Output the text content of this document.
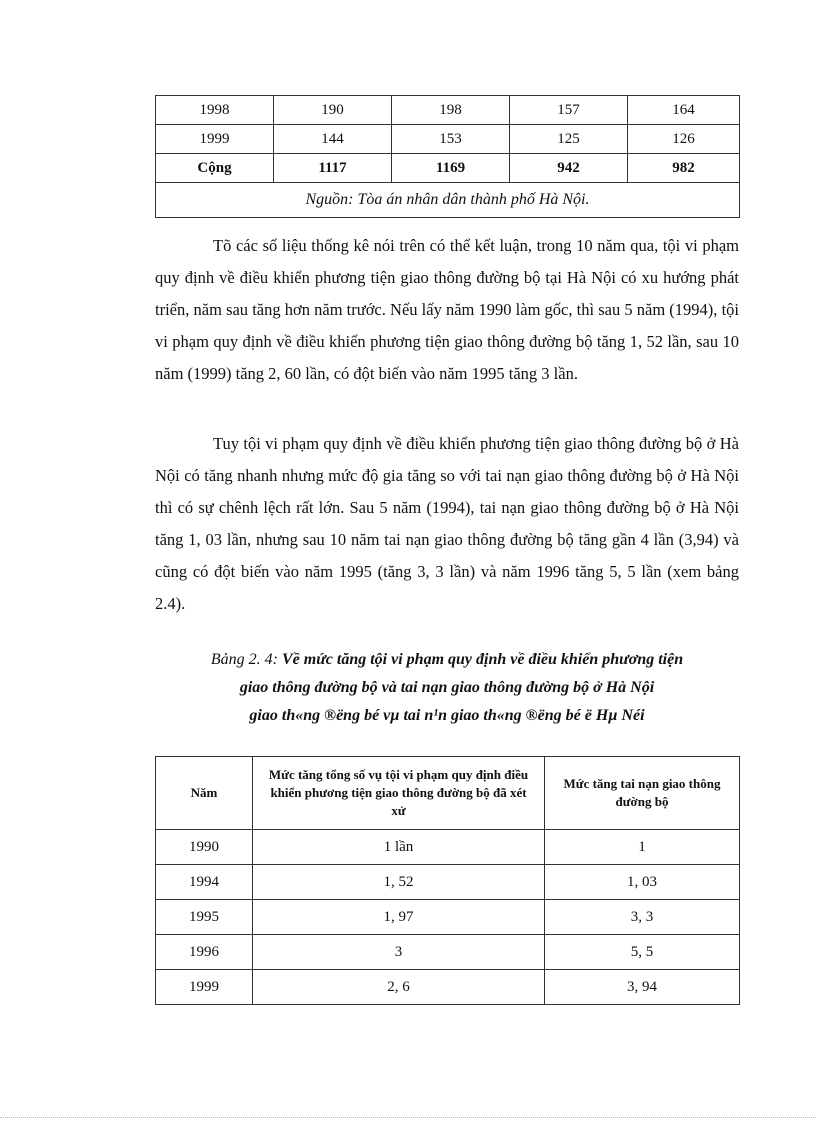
1998	190	198	157	164
1999	144	153	125	126
Cộng	1117	1169	942	982
Nguồn: Tòa án nhân dân thành phố Hà Nội.				

Tõ các số liệu thống kê nói trên có thể kết luận, trong 10 năm qua, tội vi phạm quy định về điều khiển phương tiện giao thông đường bộ tại Hà Nội có xu hướng phát triển, năm sau tăng hơn năm trước. Nếu lấy năm 1990 làm gốc, thì sau 5 năm (1994), tội vi phạm quy định về điều khiển phương tiện giao thông đường bộ tăng 1, 52 lần, sau 10 năm (1999) tăng 2, 60 lần, có đột biến vào năm 1995 tăng 3 lần.

Tuy tội vi phạm quy định về điều khiển phương tiện giao thông đường bộ ở Hà Nội có tăng nhanh nhưng mức độ gia tăng so với tai nạn giao thông đường bộ ở Hà Nội thì có sự chênh lệch rất lớn. Sau 5 năm (1994), tai nạn giao thông đường bộ ở Hà Nội tăng 1, 03 lần, nhưng sau 10 năm tai nạn giao thông đường bộ tăng gần 4 lần (3,94) và cũng có đột biến vào năm 1995 (tăng 3, 3 lần) và năm 1996 tăng 5, 5 lần (xem bảng 2.4).

Bảng 2. 4: Về mức tăng tội vi phạm quy định về điều khiển phương tiện
giao thông đường bộ và tai nạn giao thông đường bộ ở Hà Nội
giao th«ng ®ëng bé vµ tai n¹n giao th«ng ®ëng bé ë Hµ Néi
Năm	Mức tăng tổng số vụ tội vi phạm quy định điều khiển phương tiện giao thông đường bộ đã xét xử	Mức tăng tai nạn giao thông đường bộ
1990	1 lần	1
1994	1, 52	1, 03
1995	1, 97	3, 3
1996	3	5, 5
1999	2, 6	3, 94
